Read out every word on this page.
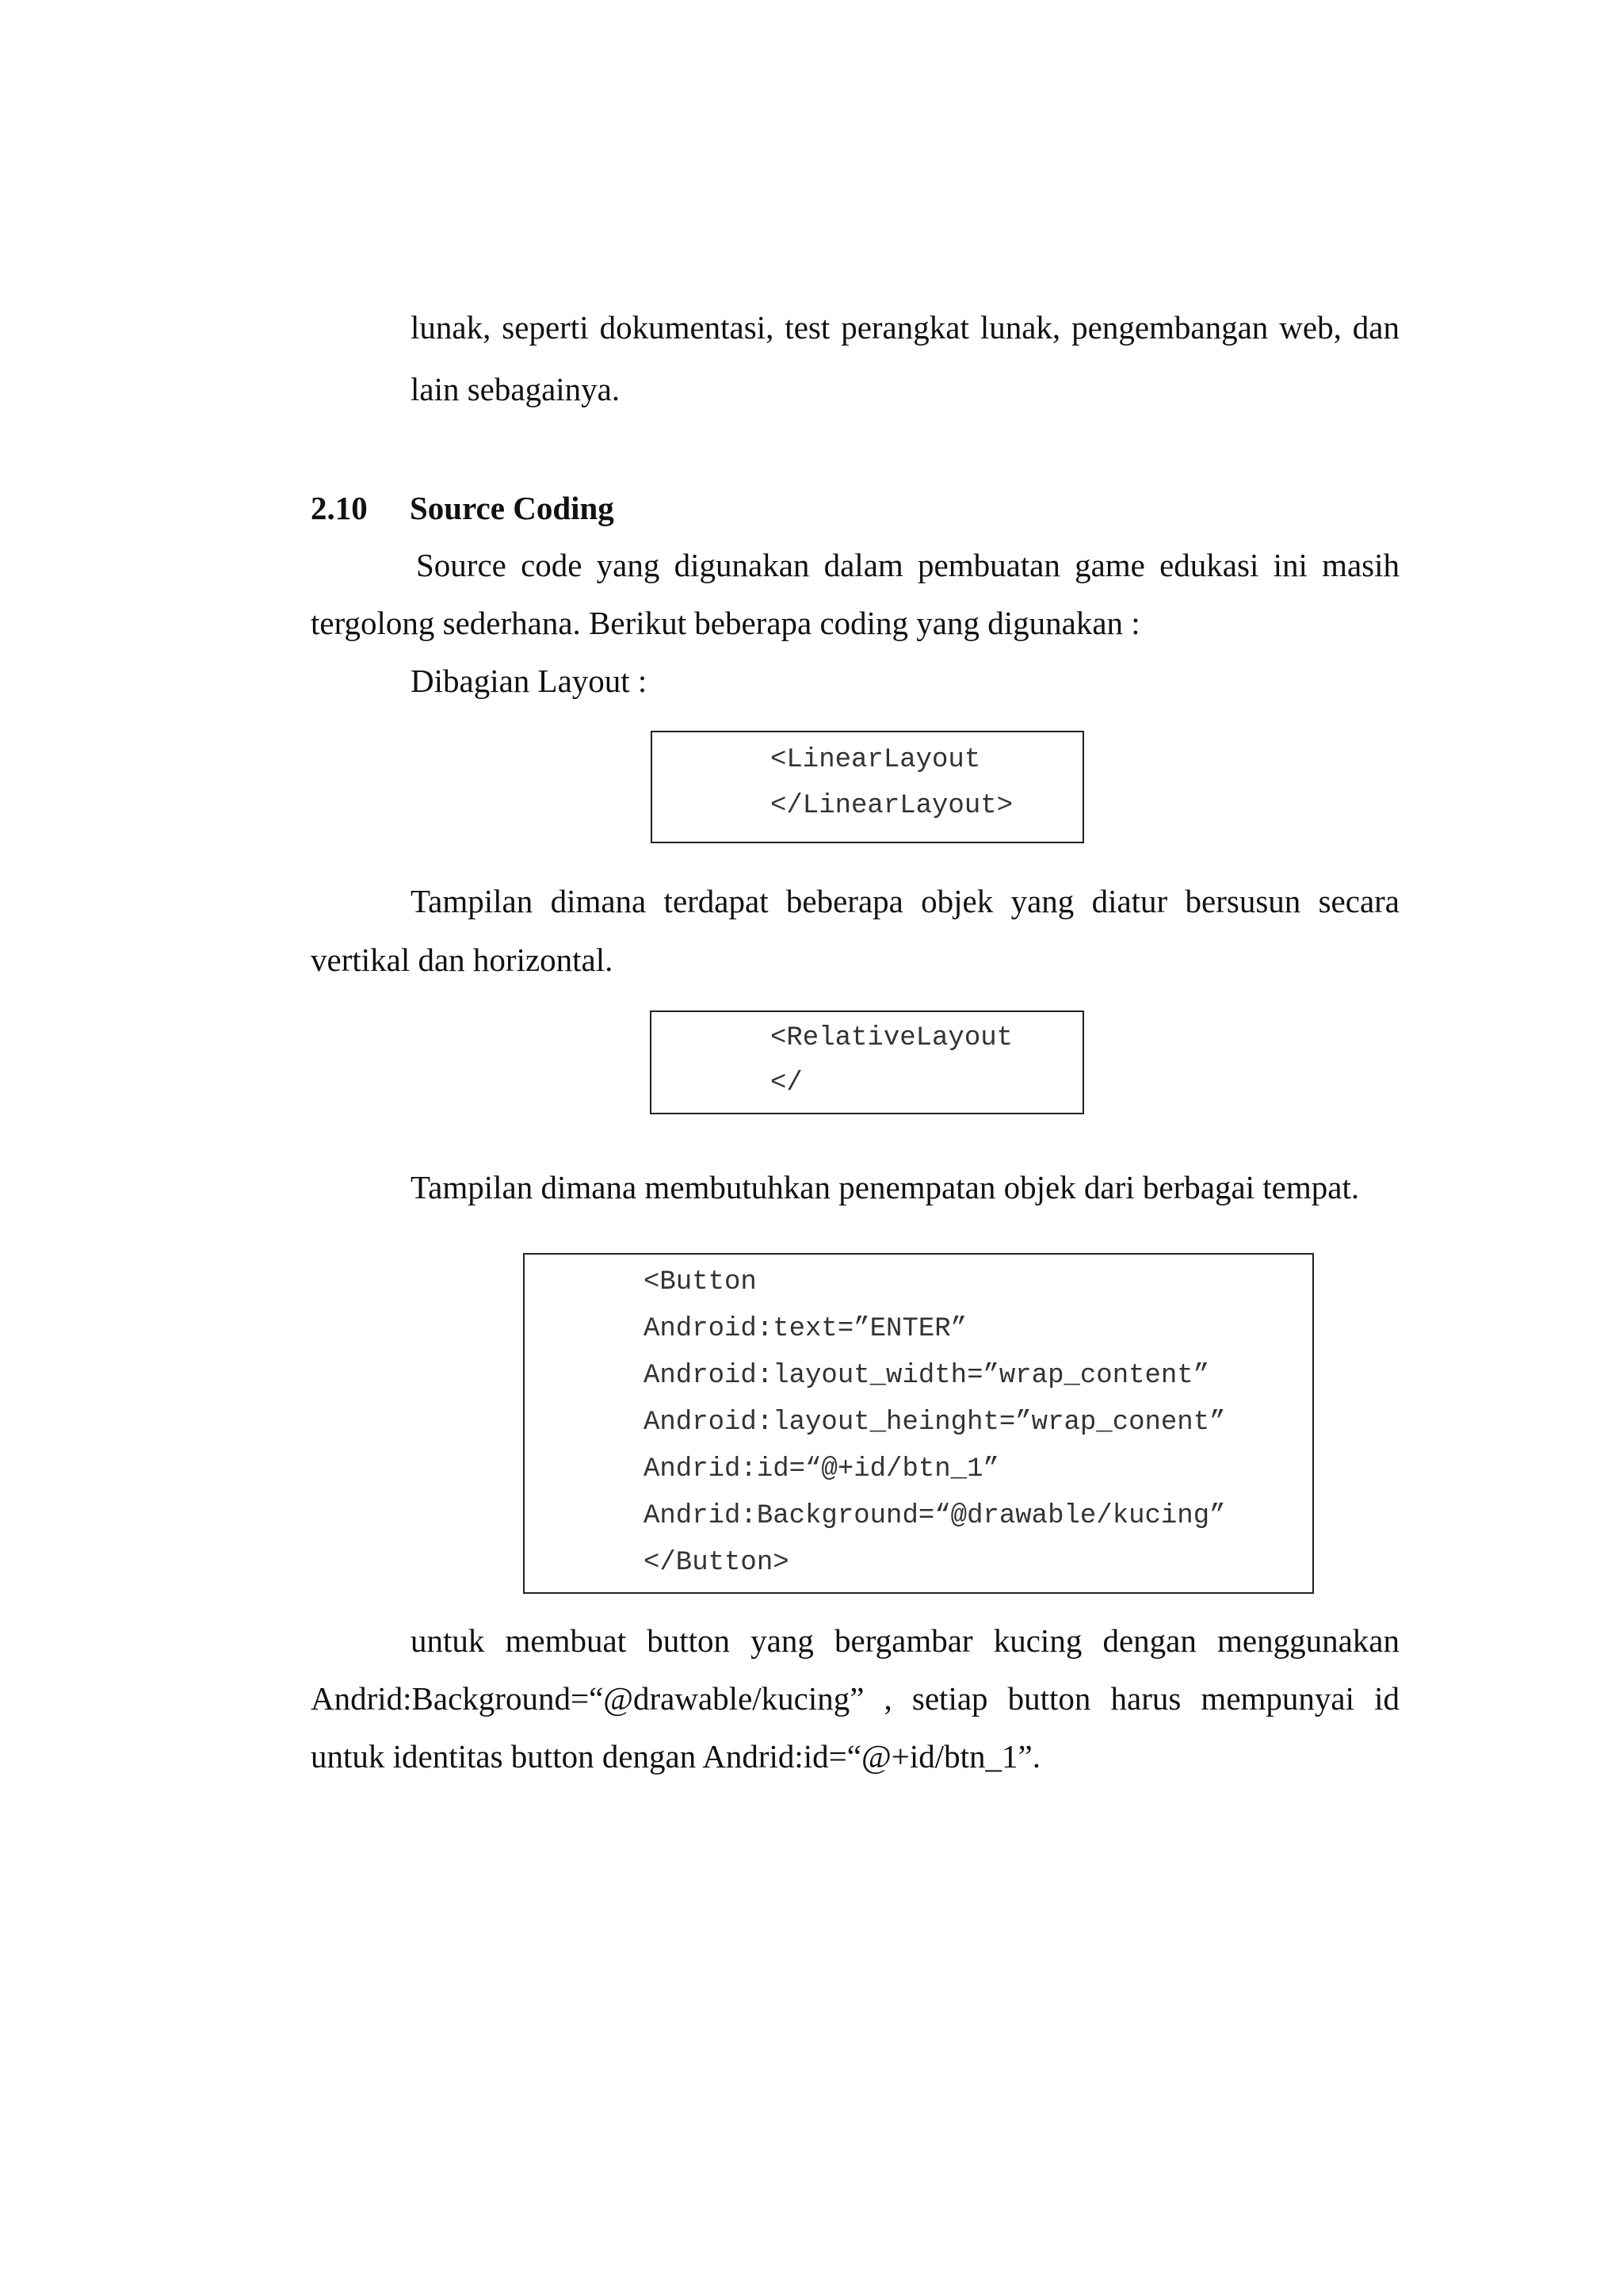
lunak, seperti dokumentasi, test perangkat lunak, pengembangan web, dan

lain sebagainya.

2.10 Source Coding

Source code yang digunakan dalam pembuatan game edukasi ini masih

tergolong sederhana. Berikut beberapa coding yang digunakan :

Dibagian Layout :

<LinearLayout
</LinearLayout>

Tampilan dimana terdapat beberapa objek yang diatur bersusun secara

vertikal dan horizontal.

<RelativeLayout
</

Tampilan dimana membutuhkan penempatan objek dari berbagai tempat.

<Button
Android:text=”ENTER”
Android:layout_width=”wrap_content”
Android:layout_heinght=”wrap_conent”
Andrid:id=“@+id/btn_1”
Andrid:Background=“@drawable/kucing”
</Button>

untuk membuat button yang bergambar kucing dengan menggunakan

Andrid:Background=“@drawable/kucing” , setiap button harus mempunyai id

untuk identitas button dengan Andrid:id=“@+id/btn_1”.
